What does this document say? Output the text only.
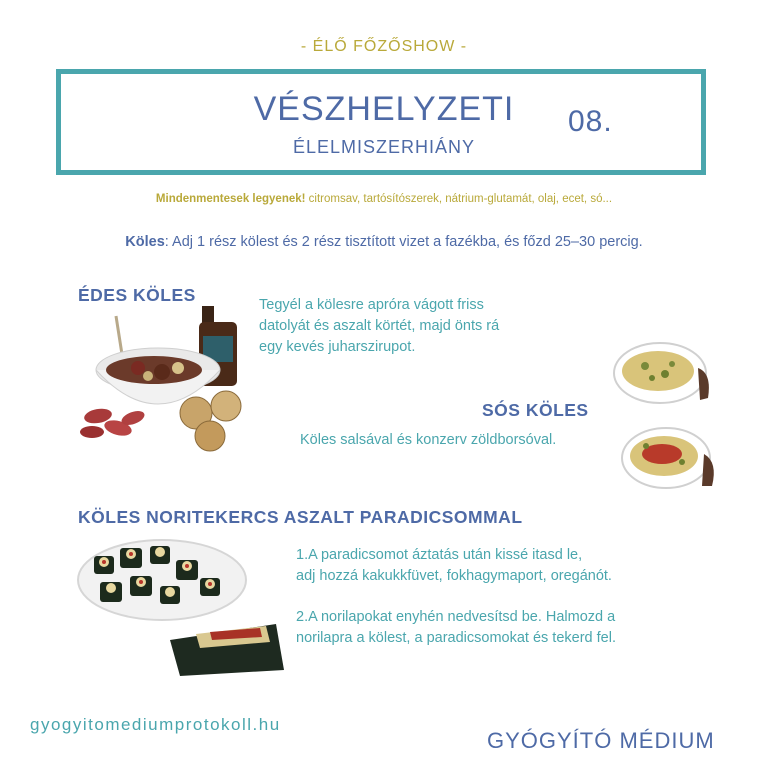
- ÉLŐ FŐZŐSHOW -
VÉSZHELYZETI
ÉLELMISZERHIÁNY
08.
Mindenmentesek legyenek! citromsav, tartósítószerek, nátrium-glutamát, olaj, ecet, só...
Köles: Adj 1 rész kölest és 2 rész tisztított vizet a fazékba, és főzd 25–30 percig.
ÉDES KÖLES	Tegyél a kölesre apróra vágott friss
datolyát és aszalt körtét, majd önts rá
egy kevés juharszirupot.
SÓS KÖLES
Köles salsával és konzerv zöldborsóval.
KÖLES NORITEKERCS ASZALT PARADICSOMMAL
1.A paradicsomot áztatás után kissé itasd le,
adj hozzá kakukkfüvet, fokhagymaport, oregánót.
2.A norilapokat enyhén nedvesítsd be. Halmozd a
norilapra a kölest, a paradicsomokat és tekerd fel.
gyogyitomediumprotokoll.hu
GYÓGYÍTÓ MÉDIUM
